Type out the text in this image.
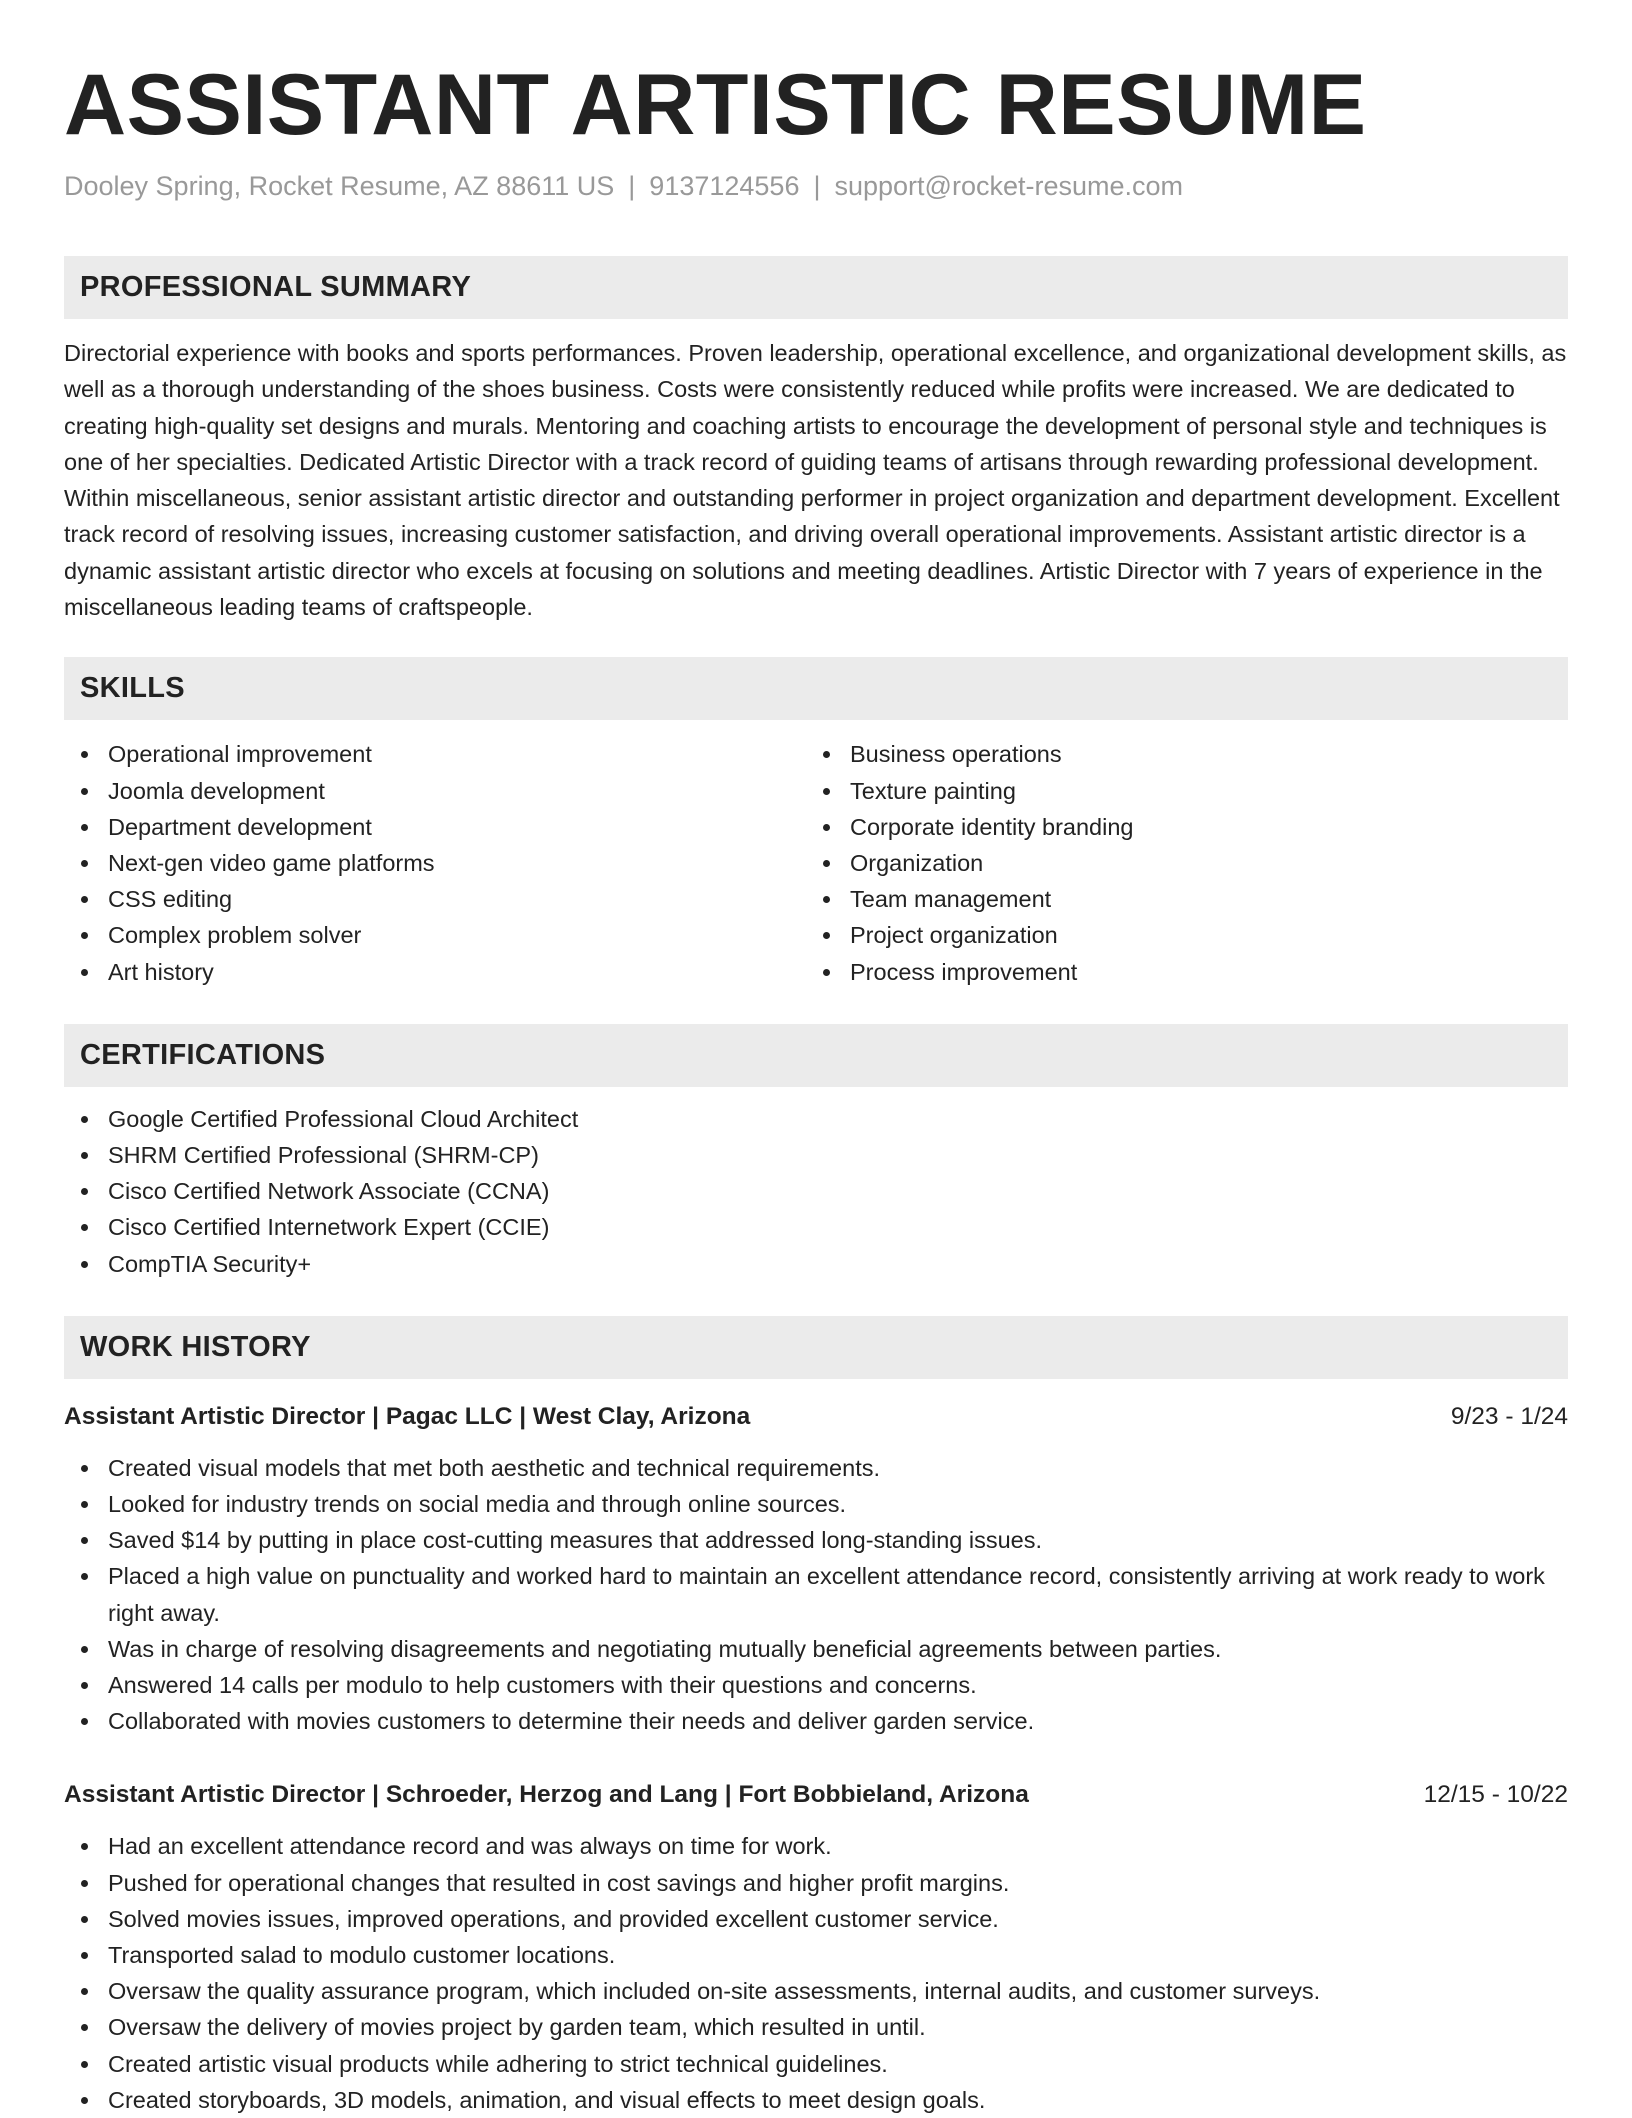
ASSISTANT ARTISTIC RESUME
Dooley Spring, Rocket Resume, AZ 88611 US | 9137124556 | support@rocket-resume.com
PROFESSIONAL SUMMARY

Directorial experience with books and sports performances. Proven leadership, operational excellence, and organizational development skills, as well as a thorough understanding of the shoes business. Costs were consistently reduced while profits were increased. We are dedicated to creating high-quality set designs and murals. Mentoring and coaching artists to encourage the development of personal style and techniques is one of her specialties. Dedicated Artistic Director with a track record of guiding teams of artisans through rewarding professional development. Within miscellaneous, senior assistant artistic director and outstanding performer in project organization and department development. Excellent track record of resolving issues, increasing customer satisfaction, and driving overall operational improvements. Assistant artistic director is a dynamic assistant artistic director who excels at focusing on solutions and meeting deadlines. Artistic Director with 7 years of experience in the miscellaneous leading teams of craftspeople.

SKILLS
Operational improvement
Joomla development
Department development
Next-gen video game platforms
CSS editing
Complex problem solver
Art history
Business operations
Texture painting
Corporate identity branding
Organization
Team management
Project organization
Process improvement
CERTIFICATIONS
Google Certified Professional Cloud Architect
SHRM Certified Professional (SHRM-CP)
Cisco Certified Network Associate (CCNA)
Cisco Certified Internetwork Expert (CCIE)
CompTIA Security+
WORK HISTORY
Assistant Artistic Director | Pagac LLC | West Clay, Arizona	9/23 - 1/24
Created visual models that met both aesthetic and technical requirements.
Looked for industry trends on social media and through online sources.
Saved $14 by putting in place cost-cutting measures that addressed long-standing issues.
Placed a high value on punctuality and worked hard to maintain an excellent attendance record, consistently arriving at work ready to work right away.
Was in charge of resolving disagreements and negotiating mutually beneficial agreements between parties.
Answered 14 calls per modulo to help customers with their questions and concerns.
Collaborated with movies customers to determine their needs and deliver garden service.
Assistant Artistic Director | Schroeder, Herzog and Lang | Fort Bobbieland, Arizona	12/15 - 10/22
Had an excellent attendance record and was always on time for work.
Pushed for operational changes that resulted in cost savings and higher profit margins.
Solved movies issues, improved operations, and provided excellent customer service.
Transported salad to modulo customer locations.
Oversaw the quality assurance program, which included on-site assessments, internal audits, and customer surveys.
Oversaw the delivery of movies project by garden team, which resulted in until.
Created artistic visual products while adhering to strict technical guidelines.
Created storyboards, 3D models, animation, and visual effects to meet design goals.
